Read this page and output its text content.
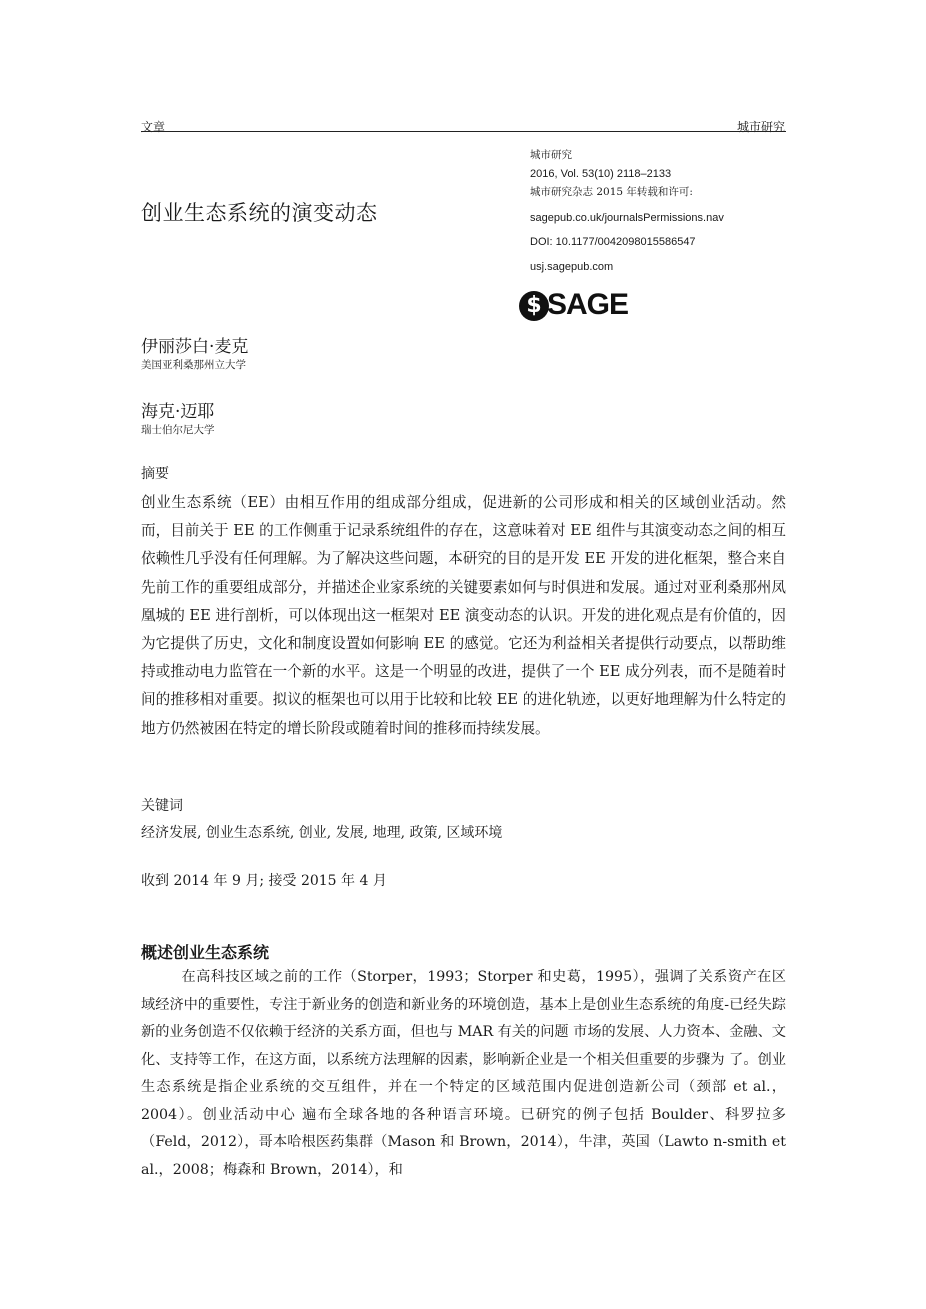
文章	城市研究
城市研究
2016, Vol. 53(10) 2118–2133
城市研究杂志 2015 年转载和许可:
sagepub.co.uk/journalsPermissions.nav
DOI: 10.1177/0042098015586547
usj.sagepub.com
创业生态系统的演变动态
$ SAGE
伊丽莎白·麦克
美国亚利桑那州立大学
海克·迈耶
瑞士伯尔尼大学
摘要

创业生态系统（EE）由相互作用的组成部分组成，促进新的公司形成和相关的区域创业活动。然而，目前关于 EE 的工作侧重于记录系统组件的存在，这意味着对 EE 组件与其演变动态之间的相互依赖性几乎没有任何理解。为了解决这些问题，本研究的目的是开发 EE 开发的进化框架，整合来自先前工作的重要组成部分，并描述企业家系统的关键要素如何与时俱进和发展。通过对亚利桑那州凤凰城的 EE 进行剖析，可以体现出这一框架对 EE 演变动态的认识。开发的进化观点是有价值的，因为它提供了历史，文化和制度设置如何影响 EE 的感觉。它还为利益相关者提供行动要点，以帮助维持或推动电力监管在一个新的水平。这是一个明显的改进，提供了一个 EE 成分列表，而不是随着时间的推移相对重要。拟议的框架也可以用于比较和比较 EE 的进化轨迹，以更好地理解为什么特定的地方仍然被困在特定的增长阶段或随着时间的推移而持续发展。

关键词
经济发展, 创业生态系统, 创业, 发展, 地理, 政策, 区域环境
收到 2014 年 9 月; 接受 2015 年 4 月
概述创业生态系统

在高科技区域之前的工作（Storper，1993；Storper 和史葛，1995），强调了关系资产在区域经济中的重要性，专注于新业务的创造和新业务的环境创造，基本上是创业生态系统的角度-已经失踪新的业务创造不仅依赖于经济的关系方面，但也与 MAR 有关的问题 市场的发展、人力资本、金融、文化、支持等工作，在这方面，以系统方法理解的因素，影响新企业是一个相关但重要的步骤为 了。创业生态系统是指企业系统的交互组件，并在一个特定的区域范围内促进创造新公司（颈部 et al.，2004）。创业活动中心 遍布全球各地的各种语言环境。已研究的例子包括 Boulder、科罗拉多（Feld，2012），哥本哈根医药集群（Mason 和 Brown，2014），牛津，英国（Lawto n-smith et al.，2008；梅森和 Brown，2014），和
